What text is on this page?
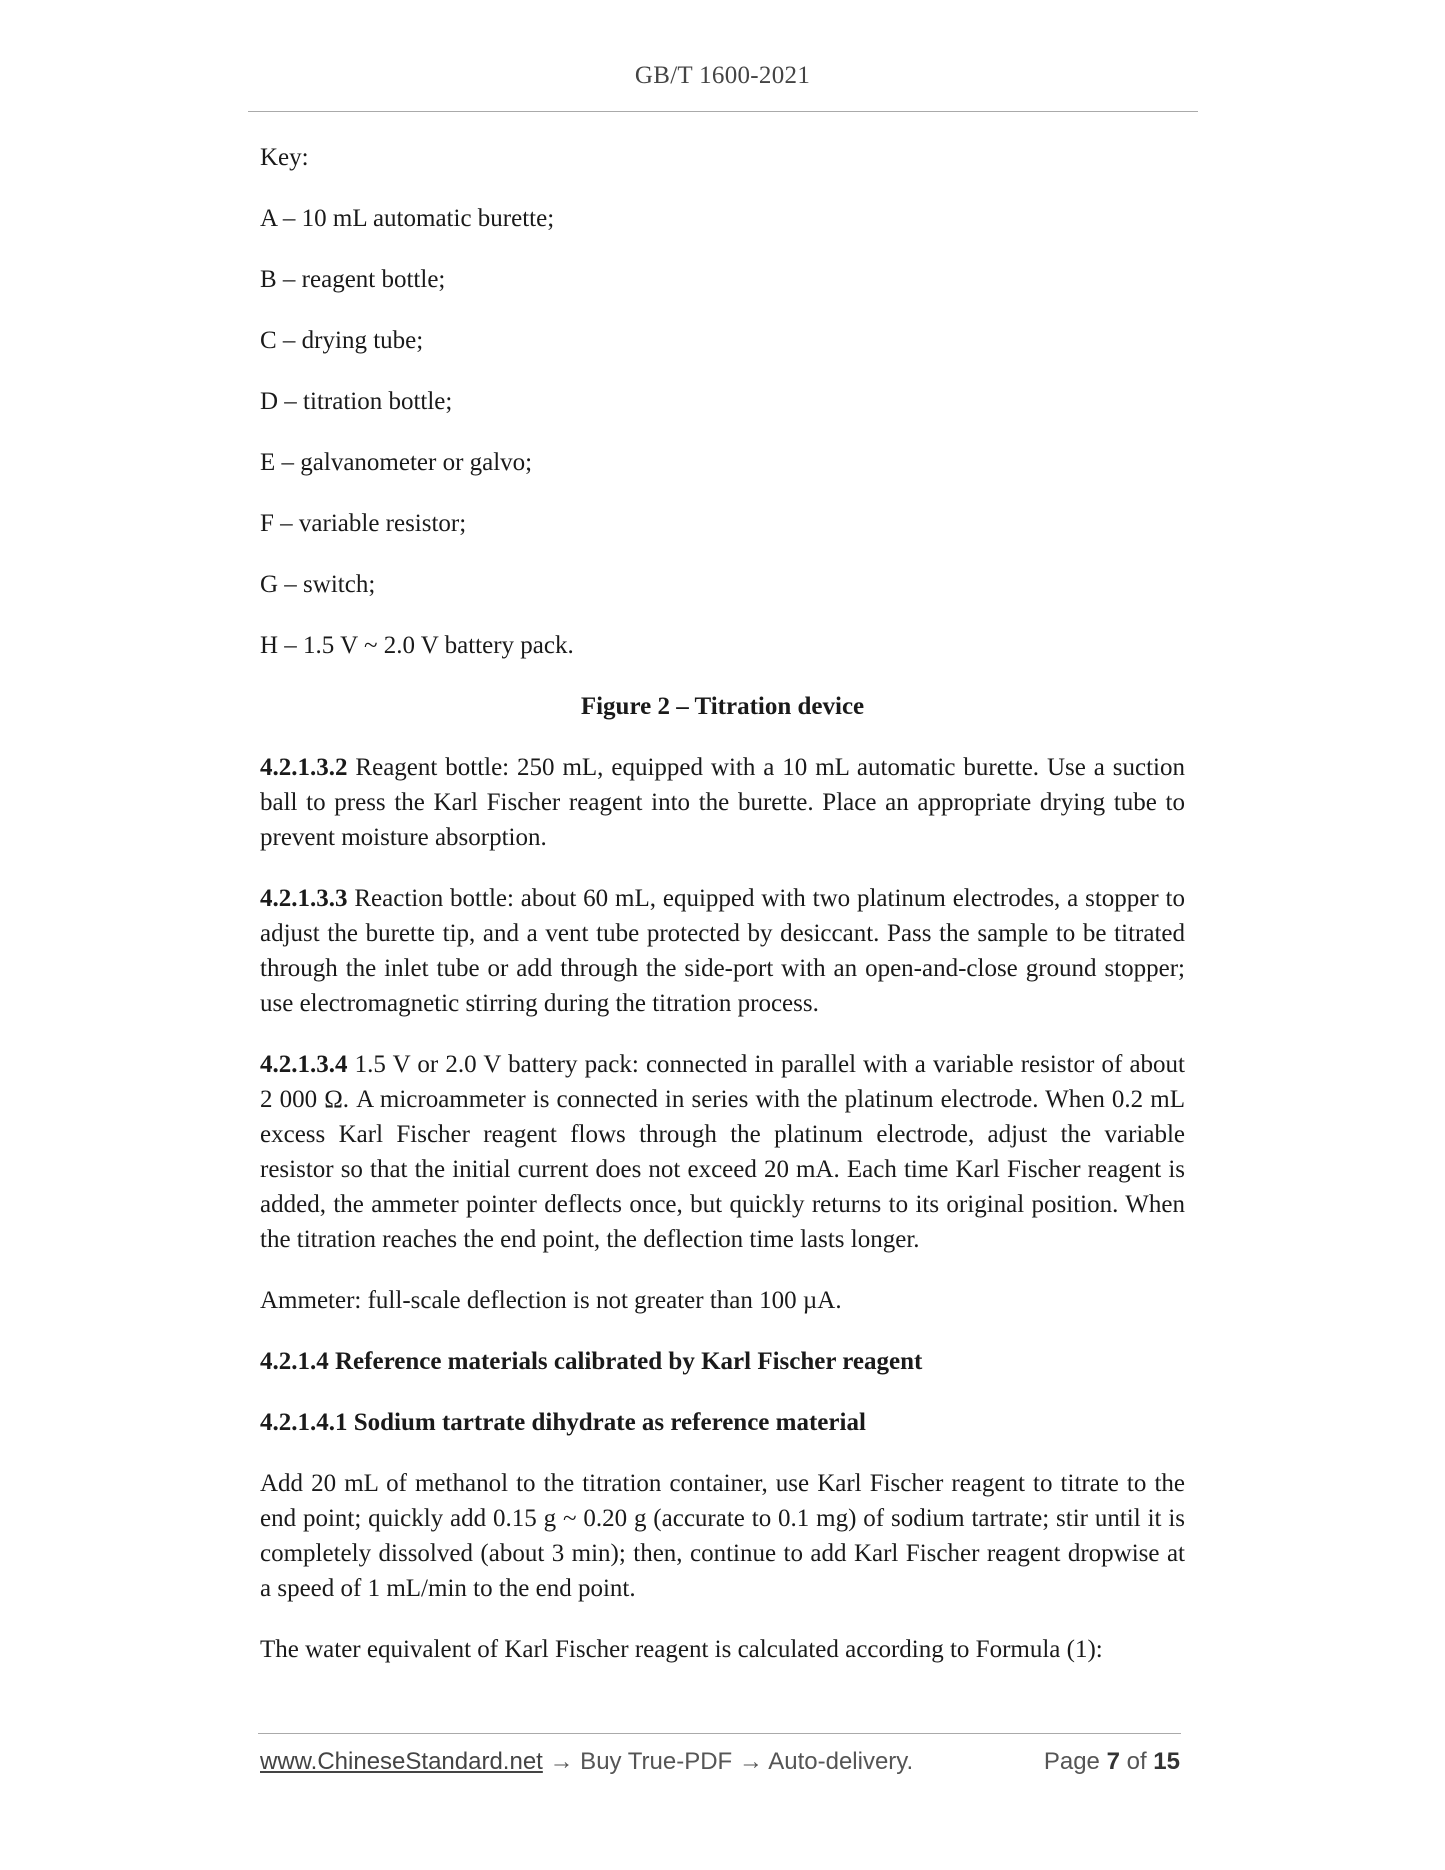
GB/T 1600-2021
Key:
A – 10 mL automatic burette;
B – reagent bottle;
C – drying tube;
D – titration bottle;
E – galvanometer or galvo;
F – variable resistor;
G – switch;
H – 1.5 V ~ 2.0 V battery pack.
Figure 2 – Titration device

4.2.1.3.2 Reagent bottle: 250 mL, equipped with a 10 mL automatic burette. Use a suction ball to press the Karl Fischer reagent into the burette. Place an appropriate drying tube to prevent moisture absorption.

4.2.1.3.3 Reaction bottle: about 60 mL, equipped with two platinum electrodes, a stopper to adjust the burette tip, and a vent tube protected by desiccant. Pass the sample to be titrated through the inlet tube or add through the side-port with an open-and-close ground stopper; use electromagnetic stirring during the titration process.

4.2.1.3.4 1.5 V or 2.0 V battery pack: connected in parallel with a variable resistor of about 2 000 Ω. A microammeter is connected in series with the platinum electrode. When 0.2 mL excess Karl Fischer reagent flows through the platinum electrode, adjust the variable resistor so that the initial current does not exceed 20 mA. Each time Karl Fischer reagent is added, the ammeter pointer deflects once, but quickly returns to its original position. When the titration reaches the end point, the deflection time lasts longer.

Ammeter: full-scale deflection is not greater than 100 µA.

4.2.1.4 Reference materials calibrated by Karl Fischer reagent
4.2.1.4.1 Sodium tartrate dihydrate as reference material

Add 20 mL of methanol to the titration container, use Karl Fischer reagent to titrate to the end point; quickly add 0.15 g ~ 0.20 g (accurate to 0.1 mg) of sodium tartrate; stir until it is completely dissolved (about 3 min); then, continue to add Karl Fischer reagent dropwise at a speed of 1 mL/min to the end point.

The water equivalent of Karl Fischer reagent is calculated according to Formula (1):

www.ChineseStandard.net → Buy True-PDF → Auto-delivery.	Page 7 of 15
